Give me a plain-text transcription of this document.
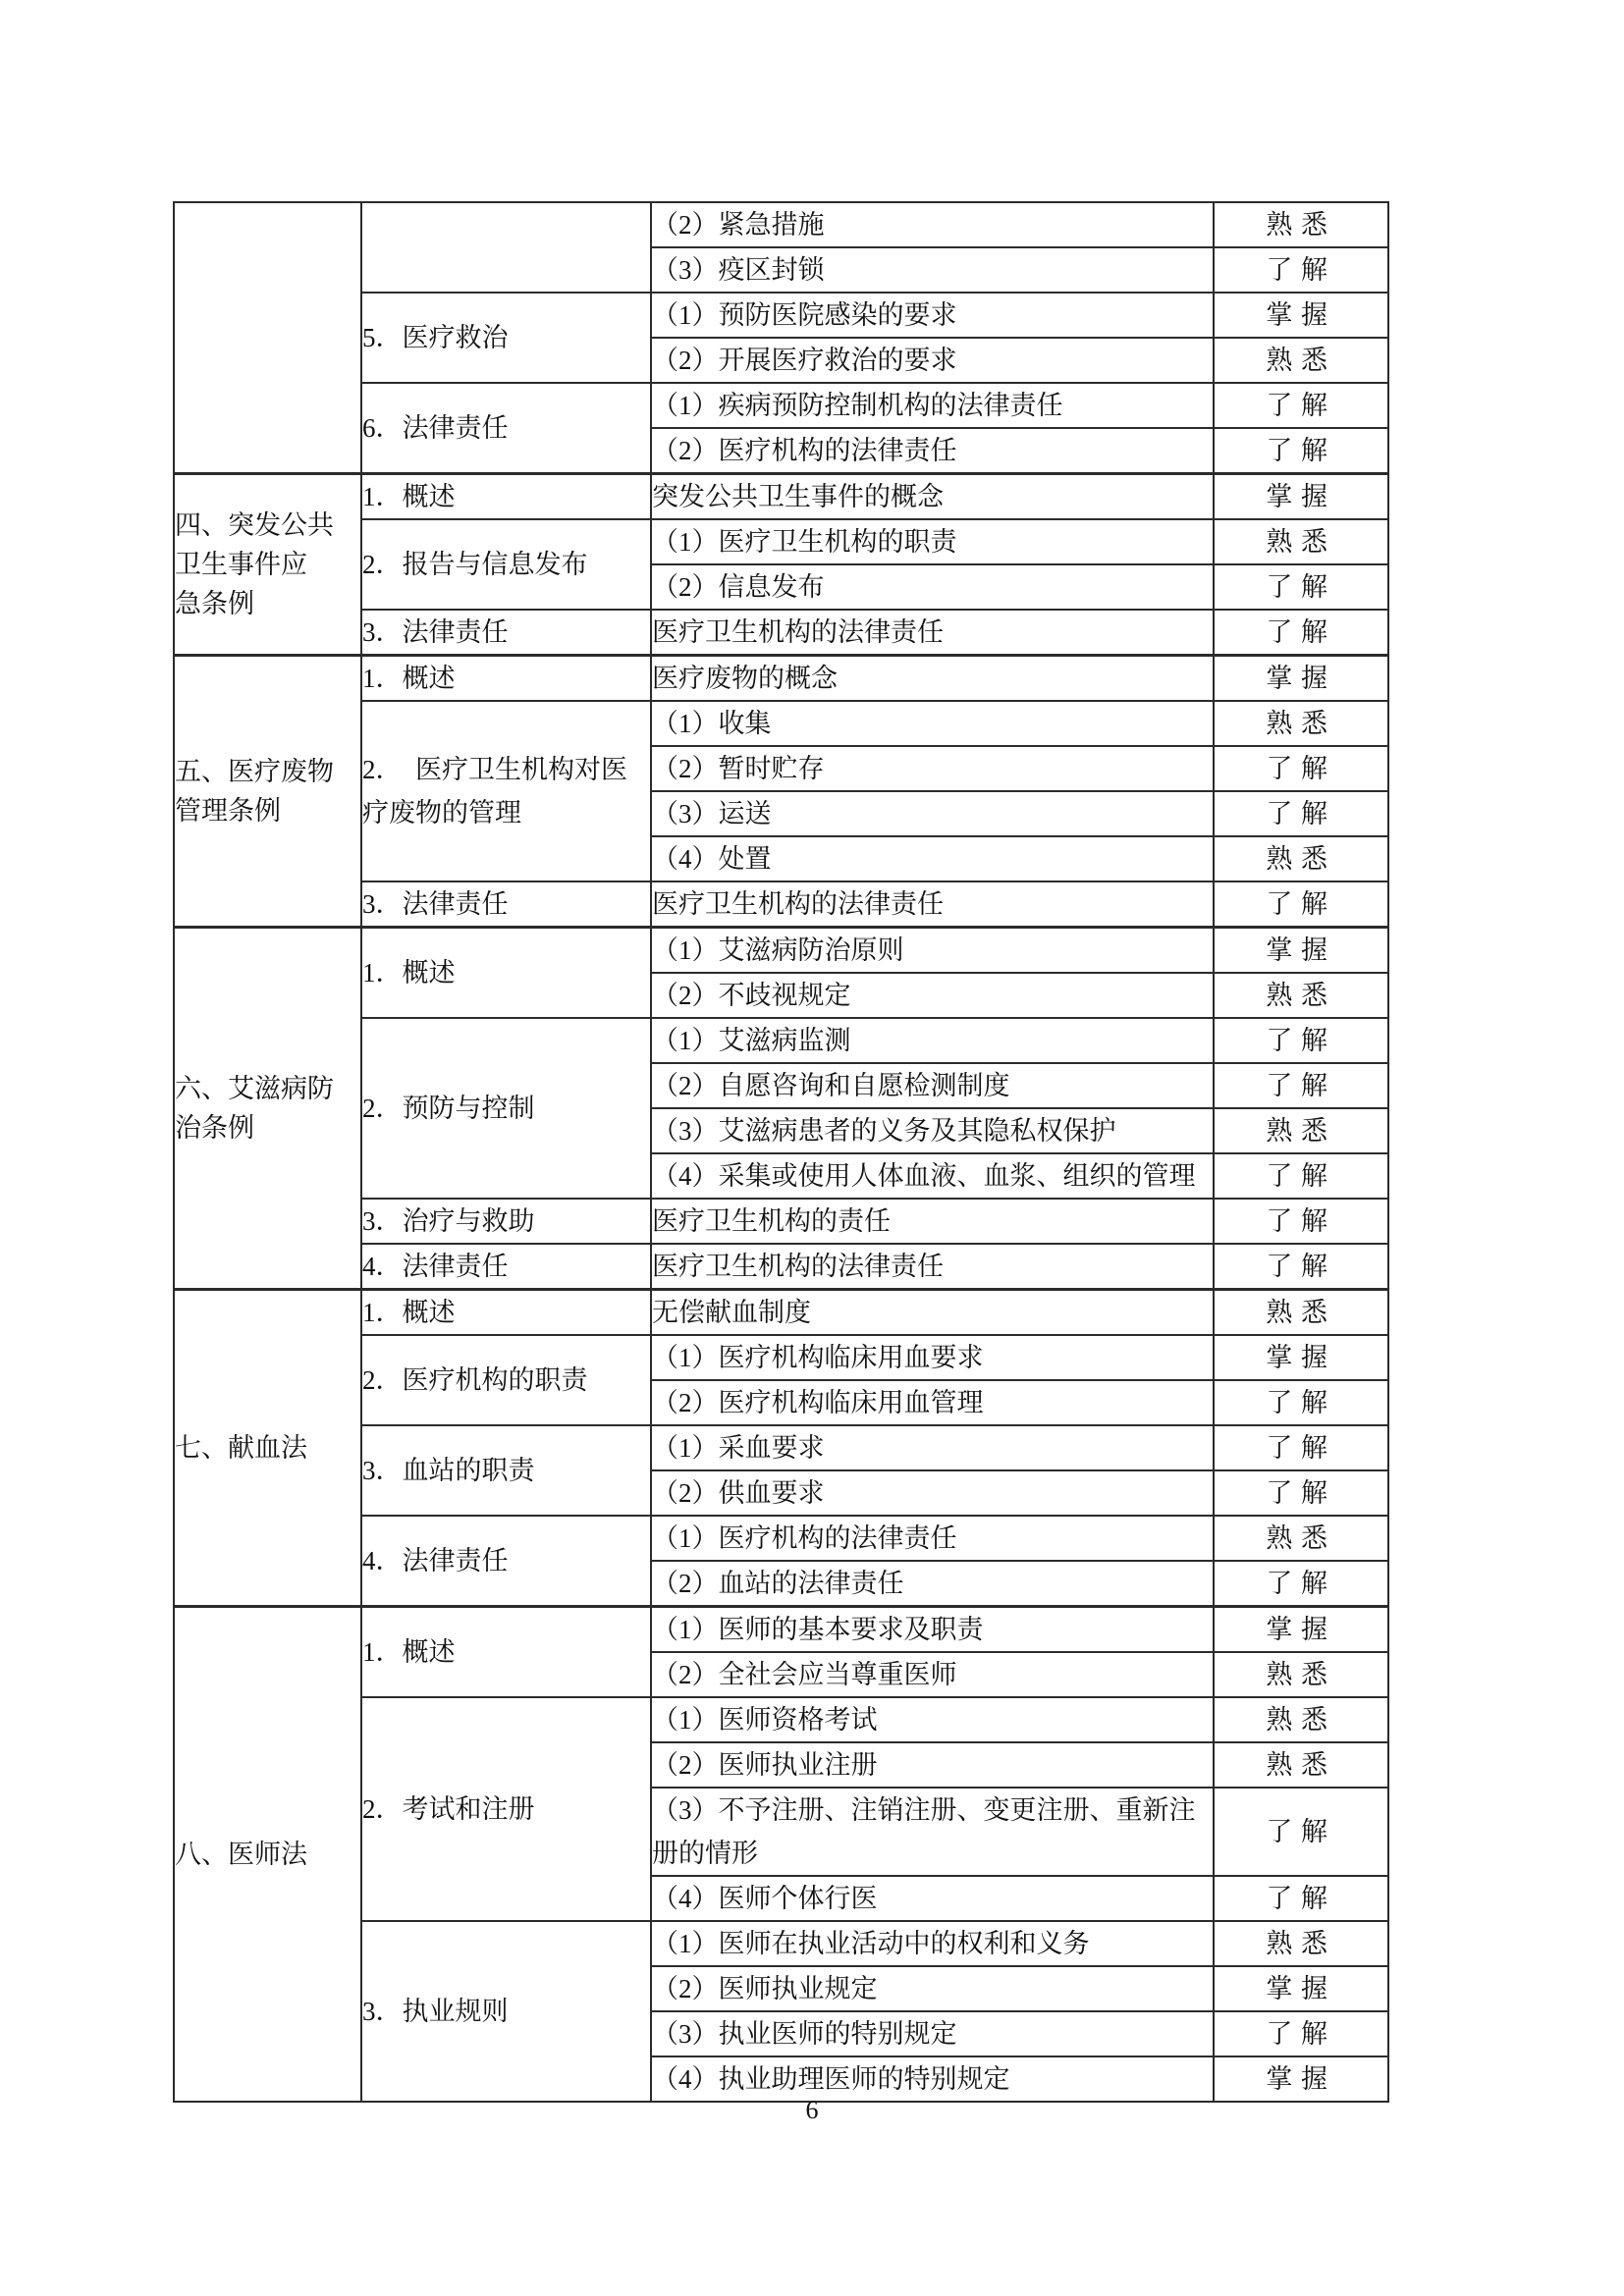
		（2）紧急措施	熟悉
		（3）疫区封锁	了解
	5．医疗救治	（1）预防医院感染的要求	掌握
		（2）开展医疗救治的要求	熟悉
	6．法律责任	（1）疾病预防控制机构的法律责任	了解
		（2）医疗机构的法律责任	了解

四、突发公共
卫生事件应
急条例	1．概述	突发公共卫生事件的概念	掌握
	2．报告与信息发布	（1）医疗卫生机构的职责	熟悉
		（2）信息发布	了解
	3．法律责任	医疗卫生机构的法律责任	了解

五、医疗废物
管理条例	1．概述	医疗废物的概念	掌握
	2．　医疗卫生机构对医疗废物的管理	（1）收集	熟悉
		（2）暂时贮存	了解
		（3）运送	了解
		（4）处置	熟悉
	3．法律责任	医疗卫生机构的法律责任	了解

六、艾滋病防
治条例	1．概述	（1）艾滋病防治原则	掌握
		（2）不歧视规定	熟悉
	2．预防与控制	（1）艾滋病监测	了解
		（2）自愿咨询和自愿检测制度	了解
		（3）艾滋病患者的义务及其隐私权保护	熟悉
		（4）采集或使用人体血液、血浆、组织的管理	了解
	3．治疗与救助	医疗卫生机构的责任	了解
	4．法律责任	医疗卫生机构的法律责任	了解

七、献血法	1．概述	无偿献血制度	熟悉
	2．医疗机构的职责	（1）医疗机构临床用血要求	掌握
		（2）医疗机构临床用血管理	了解
	3．血站的职责	（1）采血要求	了解
		（2）供血要求	了解
	4．法律责任	（1）医疗机构的法律责任	熟悉
		（2）血站的法律责任	了解

八、医师法	1．概述	（1）医师的基本要求及职责	掌握
		（2）全社会应当尊重医师	熟悉
	2．考试和注册	（1）医师资格考试	熟悉
		（2）医师执业注册	熟悉
		（3）不予注册、注销注册、变更注册、重新注册的情形	了解
		（4）医师个体行医	了解
	3．执业规则	（1）医师在执业活动中的权利和义务	熟悉
		（2）医师执业规定	掌握
		（3）执业医师的特别规定	了解
		（4）执业助理医师的特别规定	掌握
6
